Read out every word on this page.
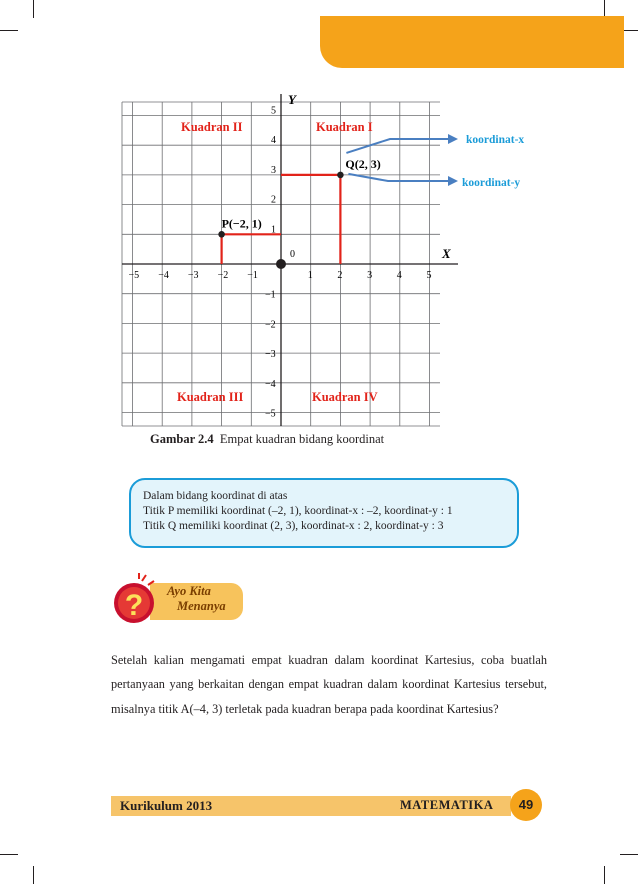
X
Y
0
−5 −4 −3 −2 −1	1 2 3 4 5
5
4
3
2
1
−1
−2
−3
−4
−5
P(−2, 1)
Q(2, 3)
Kuadran II	Kuadran I
Kuadran III	Kuadran IV
koordinat-x
koordinat-y
Gambar 2.4 Empat kuadran bidang koordinat
Dalam bidang koordinat di atas
Titik P memiliki koordinat (–2, 1), koordinat-x : –2, koordinat-y : 1
Titik Q memiliki koordinat (2, 3), koordinat-x : 2, koordinat-y : 3
? Ayo Kita
Menanya
Setelah kalian mengamati empat kuadran dalam koordinat Kartesius, coba buatlah pertanyaan yang berkaitan dengan empat kuadran dalam koordinat Kartesius tersebut, misalnya titik A(–4, 3) terletak pada kuadran berapa pada koordinat Kartesius?
Kurikulum 2013	MATEMATIKA	49
